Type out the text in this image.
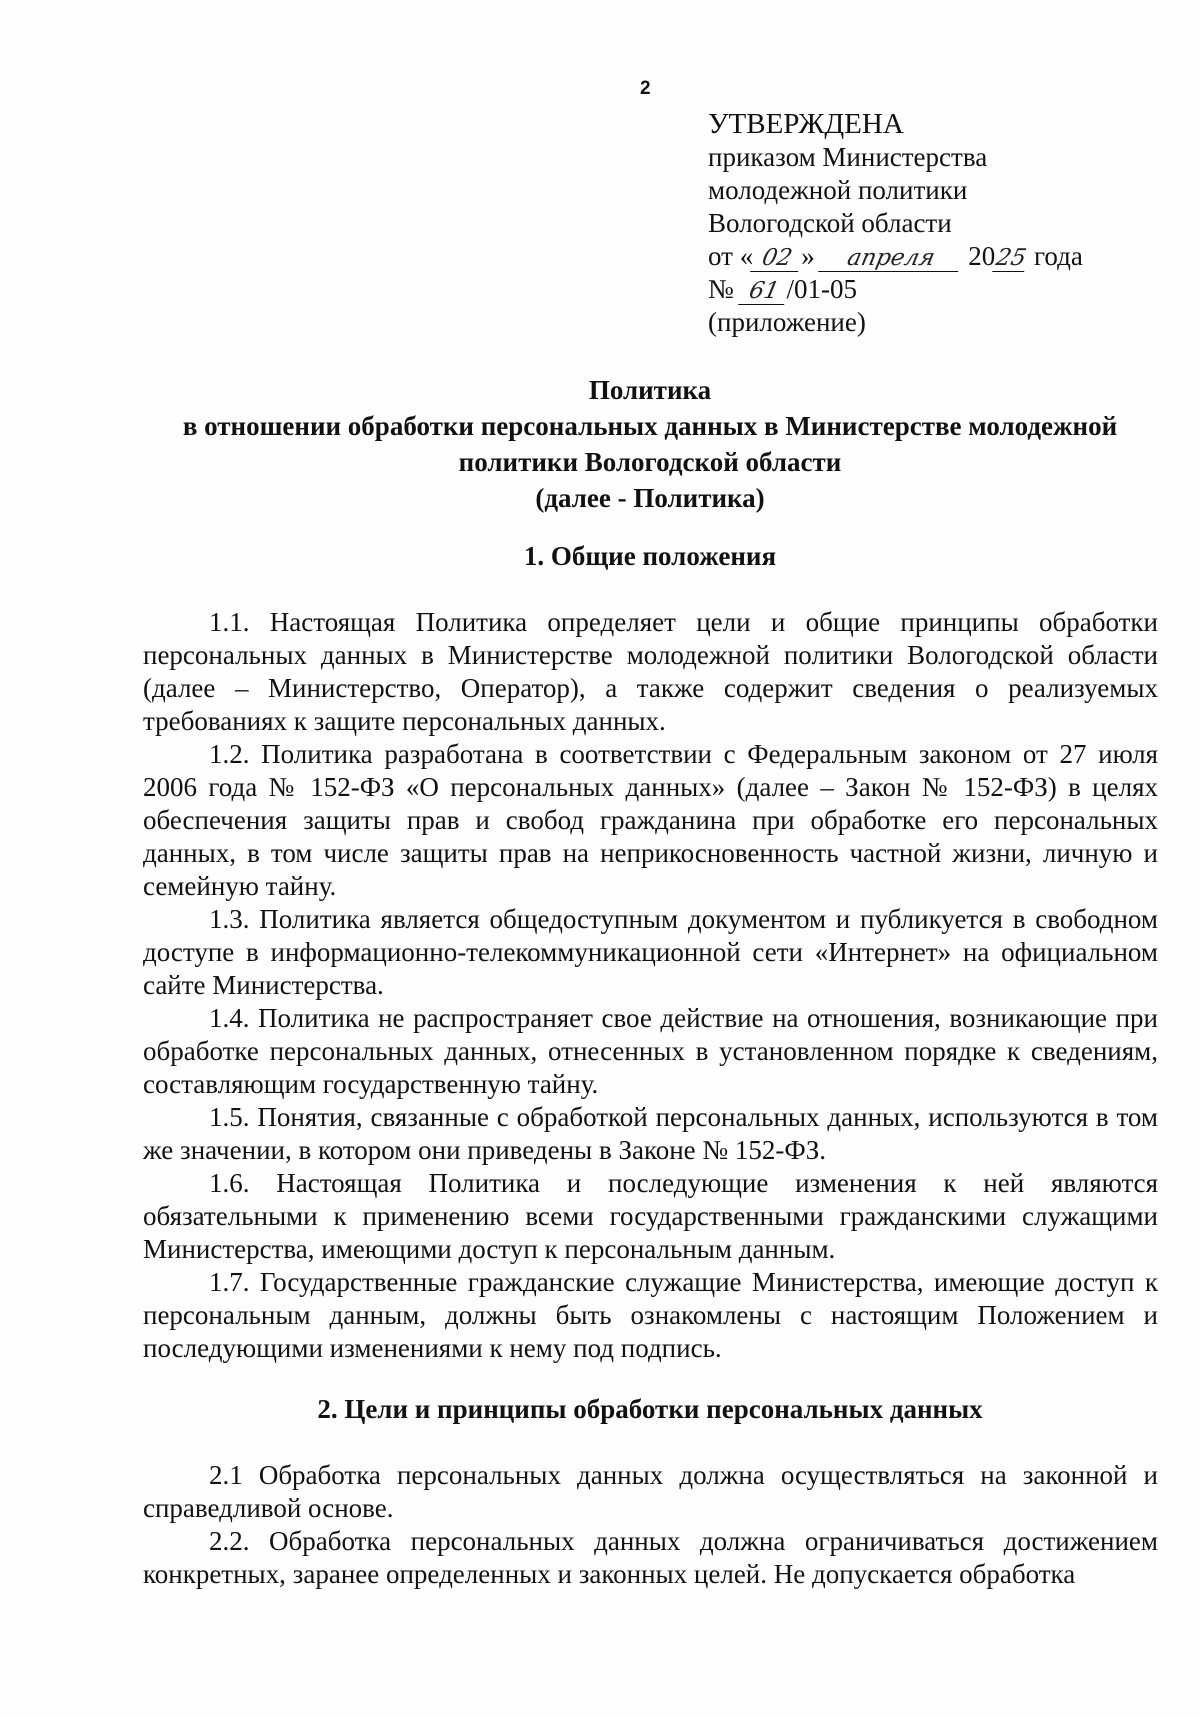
2
УТВЕРЖДЕНА
приказом Министерства
молодежной политики
Вологодской области
от « 02 » апреля 2025 года
№ 61 /01-05
(приложение)
Политика
в отношении обработки персональных данных в Министерстве молодежной
политики Вологодской области
(далее - Политика)
1. Общие положения

1.1. Настоящая Политика определяет цели и общие принципы обработки персональных данных в Министерстве молодежной политики Вологодской области (далее – Министерство, Оператор), а также содержит сведения о реализуемых требованиях к защите персональных данных.

1.2. Политика разработана в соответствии с Федеральным законом от 27 июля 2006 года № 152-ФЗ «О персональных данных» (далее – Закон № 152-ФЗ) в целях обеспечения защиты прав и свобод гражданина при обработке его персональных данных, в том числе защиты прав на неприкосновенность частной жизни, личную и семейную тайну.

1.3. Политика является общедоступным документом и публикуется в свободном доступе в информационно-телекоммуникационной сети «Интернет» на официальном сайте Министерства.

1.4. Политика не распространяет свое действие на отношения, возникающие при обработке персональных данных, отнесенных в установленном порядке к сведениям, составляющим государственную тайну.

1.5. Понятия, связанные с обработкой персональных данных, используются в том же значении, в котором они приведены в Законе № 152-ФЗ.

1.6. Настоящая Политика и последующие изменения к ней являются обязательными к применению всеми государственными гражданскими служащими Министерства, имеющими доступ к персональным данным.

1.7. Государственные гражданские служащие Министерства, имеющие доступ к персональным данным, должны быть ознакомлены с настоящим Положением и последующими изменениями к нему под подпись.

2. Цели и принципы обработки персональных данных

2.1 Обработка персональных данных должна осуществляться на законной и справедливой основе.

2.2. Обработка персональных данных должна ограничиваться достижением конкретных, заранее определенных и законных целей. Не допускается обработка
